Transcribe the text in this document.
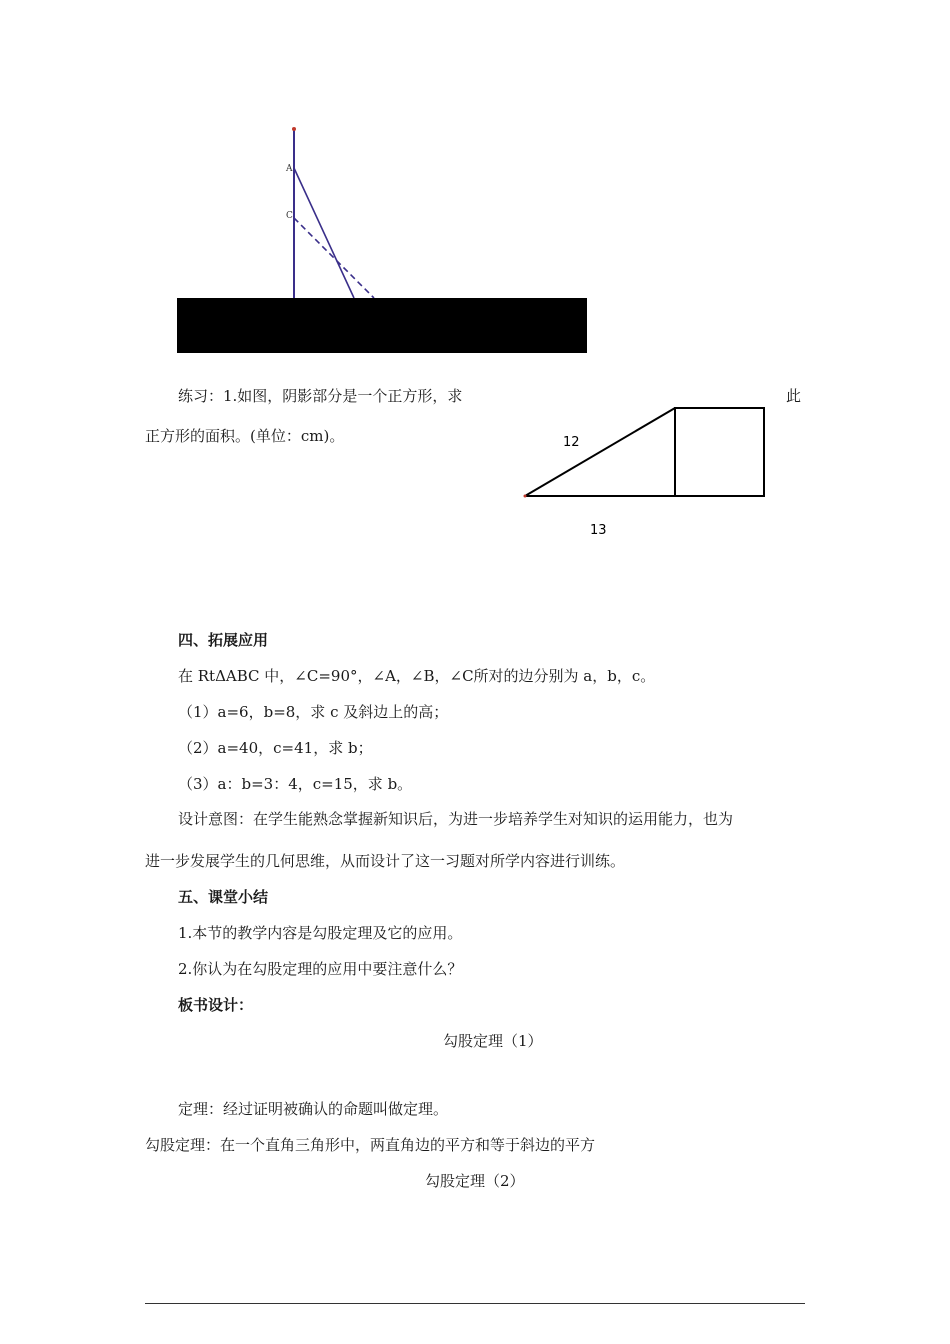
A
C
练习：1.如图，阴影部分是一个正方形，求	此
正方形的面积。(单位：cm)。	12
13
四、拓展应用
在 RtΔABC 中，∠C=90°，∠A，∠B，∠C所对的边分别为 a，b，c。
（1）a=6，b=8，求 c 及斜边上的高；
（2）a=40，c=41，求 b；
（3）a：b=3：4，c=15，求 b。
设计意图：在学生能熟念掌握新知识后，为进一步培养学生对知识的运用能力，也为
进一步发展学生的几何思维，从而设计了这一习题对所学内容进行训练。
五、课堂小结
1.本节的教学内容是勾股定理及它的应用。
2.你认为在勾股定理的应用中要注意什么？
板书设计：
勾股定理（1）
定理：经过证明被确认的命题叫做定理。
勾股定理：在一个直角三角形中，两直角边的平方和等于斜边的平方
勾股定理（2）
